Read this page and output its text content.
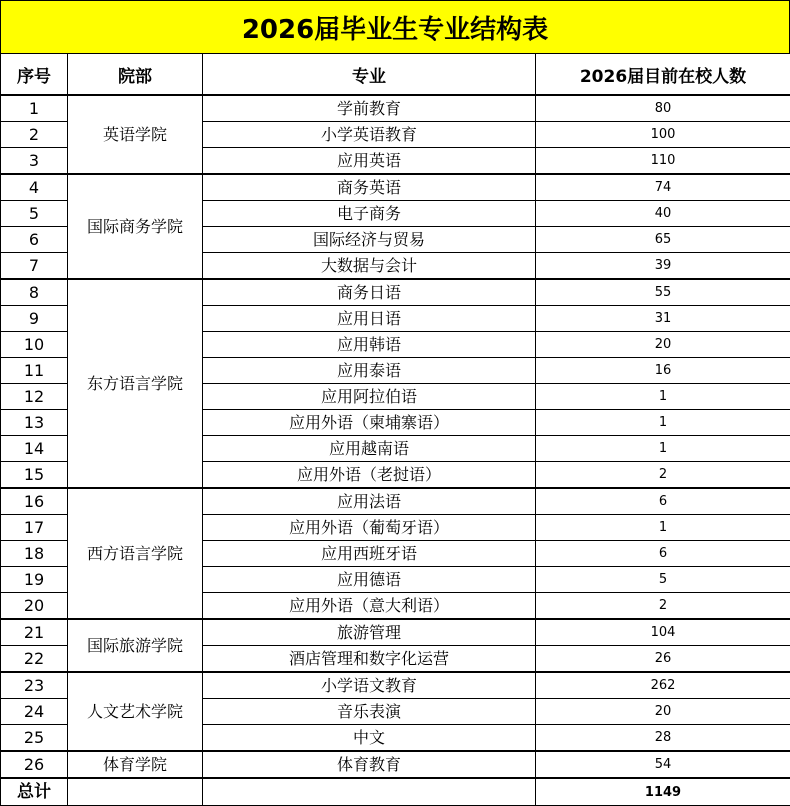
2026届毕业生专业结构表
序号	院部	专业	2026届目前在校人数
1	英语学院	学前教育	80
2		小学英语教育	100
3		应用英语	110
4	国际商务学院	商务英语	74
5		电子商务	40
6		国际经济与贸易	65
7		大数据与会计	39
8	东方语言学院	商务日语	55
9		应用日语	31
10		应用韩语	20
11		应用泰语	16
12		应用阿拉伯语	1
13		应用外语（柬埔寨语）	1
14		应用越南语	1
15		应用外语（老挝语）	2
16	西方语言学院	应用法语	6
17		应用外语（葡萄牙语）	1
18		应用西班牙语	6
19		应用德语	5
20		应用外语（意大利语）	2
21	国际旅游学院	旅游管理	104
22		酒店管理和数字化运营	26
23	人文艺术学院	小学语文教育	262
24		音乐表演	20
25		中文	28
26	体育学院	体育教育	54
总计			1149
